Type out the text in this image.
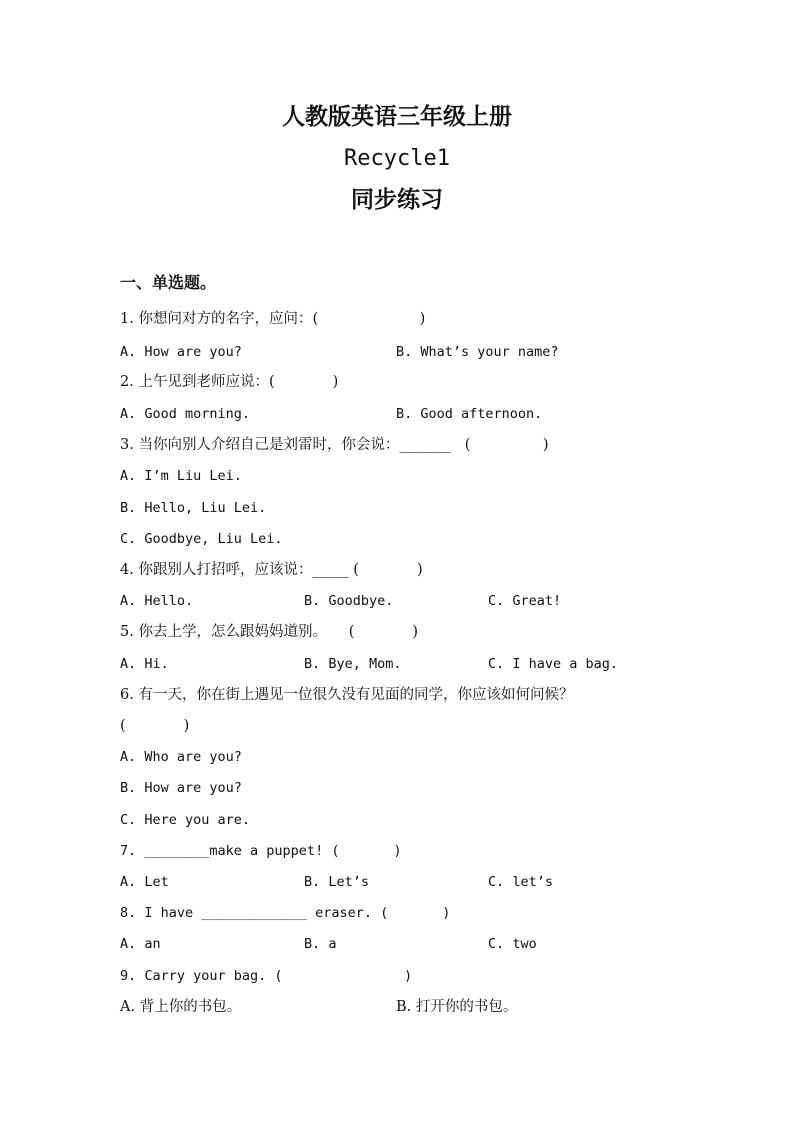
人教版英语三年级上册
Recycle1
同步练习
一、单选题。
1. 你想问对方的名字，应问：(　　　　　　　)
A. How are you?	B. What’s your name?
2. 上午见到老师应说：(　　　　)
A. Good morning.	B. Good afternoon.
3. 当你向别人介绍自己是刘雷时，你会说：_______　(　　　　　)
A. I’m Liu Lei.
B. Hello, Liu Lei.
C. Goodbye, Liu Lei.
4. 你跟别人打招呼，应该说：_____ (　　　　)
A. Hello.	B. Goodbye.	C. Great!
5. 你去上学，怎么跟妈妈道别。　　(　　　　)
A. Hi.	B. Bye, Mom.	C. I have a bag.
6. 有一天，你在街上遇见一位很久没有见面的同学，你应该如何问候？
(　　　　)
A. Who are you?
B. How are you?
C. Here you are.
7. ________make a puppet! (　　　　)
A. Let	B. Let’s	C. let’s
8. I have _____________ eraser. (　　　　)
A. an	B. a	C. two
9. Carry your bag. (　　　　　　　　　)
A. 背上你的书包。	B. 打开你的书包。
